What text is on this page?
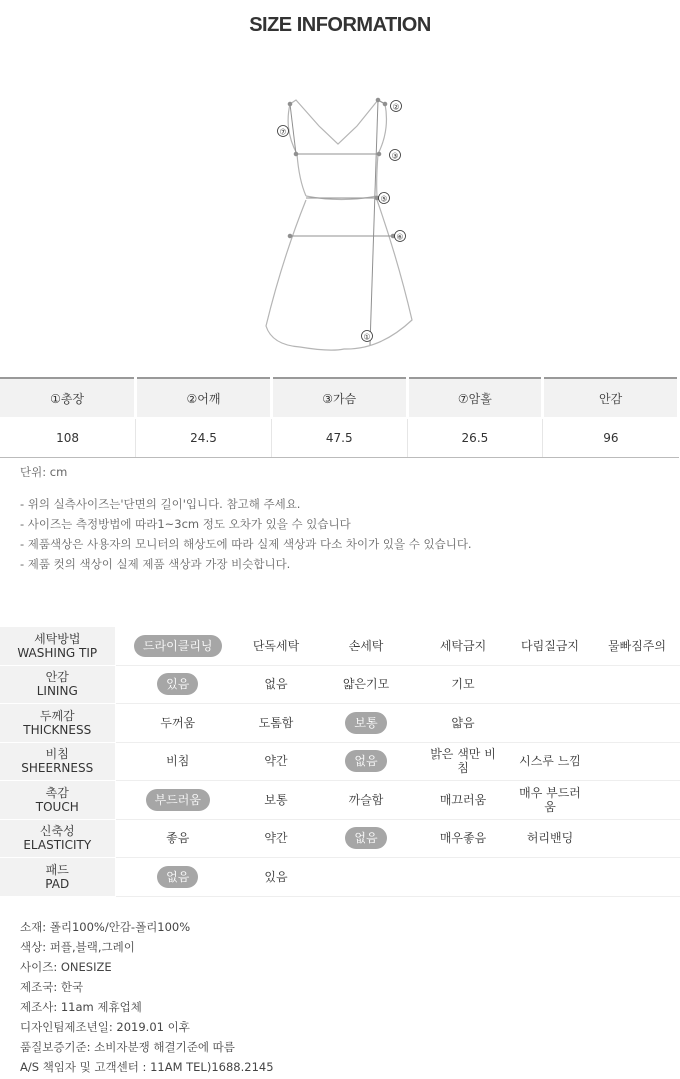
SIZE INFORMATION
⑦
②
③
⑤
⑥
①
①총장	②어깨	③가슴	⑦암홀	안감
108	24.5	47.5	26.5	96
단위: cm
- 위의 실측사이즈는'단면의 길이'입니다. 참고해 주세요.
- 사이즈는 측정방법에 따라1~3cm 정도 오차가 있을 수 있습니다
- 제품색상은 사용자의 모니터의 해상도에 따라 실제 색상과 다소 차이가 있을 수 있습니다.
- 제품 컷의 색상이 실제 제품 색상과 가장 비슷합니다.
세탁방법
WASHING TIP	드라이클리닝	단독세탁	손세탁	세탁금지	다림질금지	물빠짐주의

안감
LINING	있음	없음	얇은기모	기모		

두께감
THICKNESS	두꺼움	도톰함	보통	얇음		

비침
SHEERNESS	비침	약간	없음	밝은 색만 비침	시스루 느낌	

촉감
TOUCH	부드러움	보통	까슬함	매끄러움	매우 부드러움	

신축성
ELASTICITY	좋음	약간	없음	매우좋음	허리밴딩	

패드
PAD	없음	있음				
소재: 폴리100%/안감-폴리100%
색상: 퍼플,블랙,그레이
사이즈: ONESIZE
제조국: 한국
제조사: 11am 제휴업체
디자인팀제조년일: 2019.01 이후
품질보증기준: 소비자분쟁 해결기준에 따름
A/S 책임자 및 고객센터 : 11AM TEL)1688.2145
